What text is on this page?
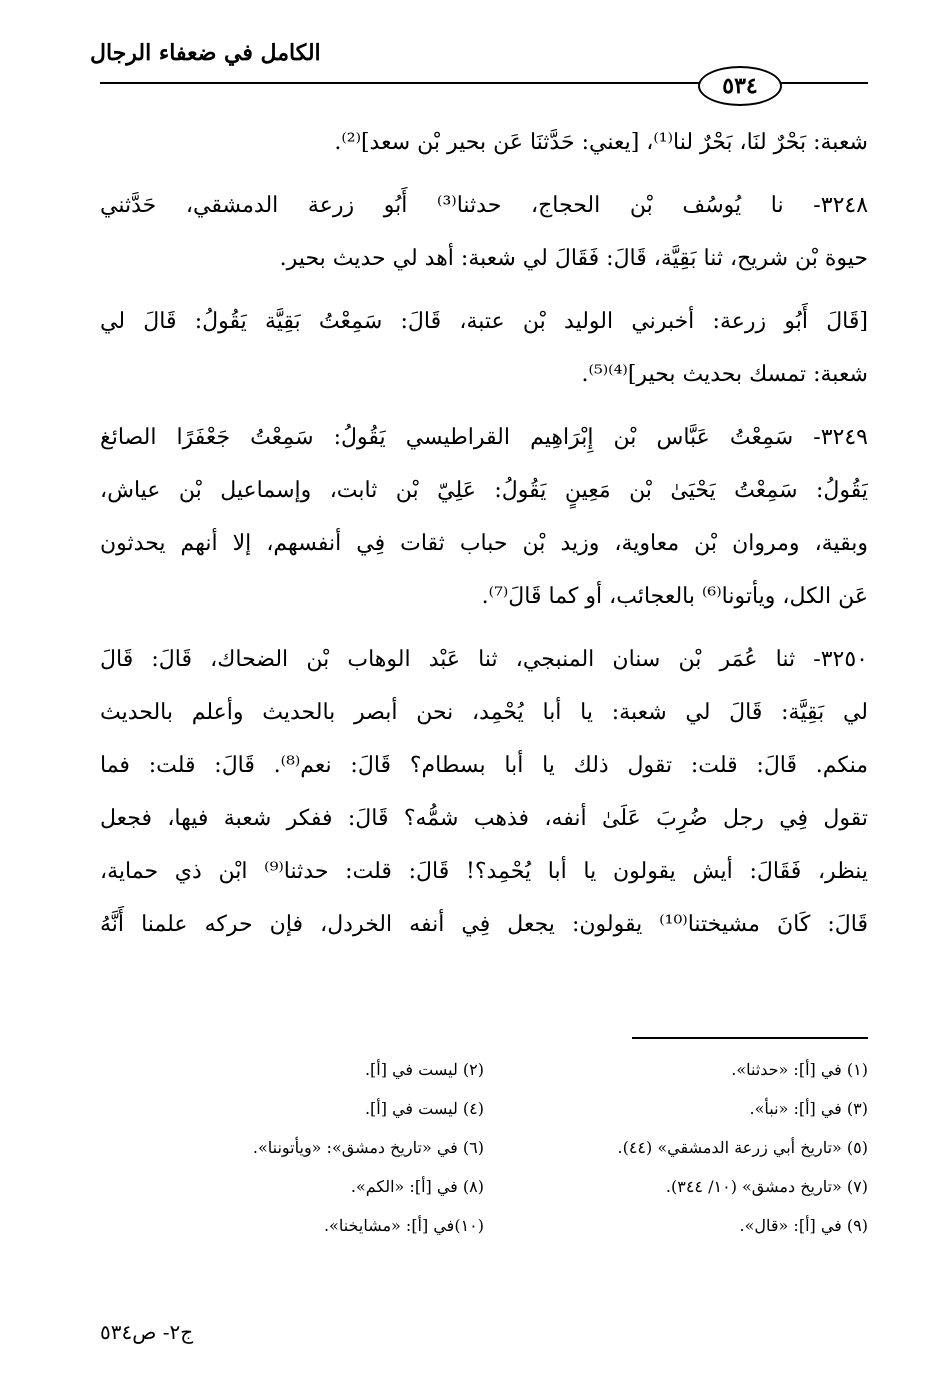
الكامل في ضعفاء الرجال
٥٣٤
شعبة: بَحْرٌ لنَا، بَحْرٌ لنا⁽¹⁾، [يعني: حَدَّثنَا عَن بحير بْن سعد]⁽²⁾.
٣٢٤٨- نا يُوسُف بْن الحجاج، حدثنا⁽³⁾ أَبُو زرعة الدمشقي، حَدَّثني
حيوة بْن شريح، ثنا بَقِيَّة، قَالَ: فَقَالَ لي شعبة: أهد لي حديث بحير.
[قَالَ أَبُو زرعة: أخبرني الوليد بْن عتبة، قَالَ: سَمِعْتُ بَقِيَّة يَقُولُ: قَالَ لي
شعبة: تمسك بحديث بحير]⁽⁴⁾⁽⁵⁾.
٣٢٤٩- سَمِعْتُ عَبَّاس بْن إِبْرَاهِيم القراطيسي يَقُولُ: سَمِعْتُ جَعْفَرًا الصائغ
يَقُولُ: سَمِعْتُ يَحْيَىٰ بْن مَعِينٍ يَقُولُ: عَلِيّ بْن ثابت، وإسماعيل بْن عياش،
وبقية، ومروان بْن معاوية، وزيد بْن حباب ثقات فِي أنفسهم، إلا أنهم يحدثون
عَن الكل، ويأتونا⁽⁶⁾ بالعجائب، أو كما قَالَ⁽⁷⁾.
٣٢٥٠- ثنا عُمَر بْن سنان المنبجي، ثنا عَبْد الوهاب بْن الضحاك، قَالَ: قَالَ
لي بَقِيَّة: قَالَ لي شعبة: يا أبا يُحْمِد، نحن أبصر بالحديث وأعلم بالحديث
منكم. قَالَ: قلت: تقول ذلك يا أبا بسطام؟ قَالَ: نعم⁽⁸⁾. قَالَ: قلت: فما
تقول فِي رجل ضُرِبَ عَلَىٰ أنفه، فذهب شمُّه؟ قَالَ: ففكر شعبة فيها، فجعل
ينظر، فَقَالَ: أيش يقولون يا أبا يُحْمِد؟! قَالَ: قلت: حدثنا⁽⁹⁾ ابْن ذي حماية،
قَالَ: كَانَ مشيختنا⁽¹⁰⁾ يقولون: يجعل فِي أنفه الخردل، فإن حركه علمنا أَنَّهُ
(١) في [أ]: «حدثنا».
(٢) ليست في [أ].
(٣) في [أ]: «نبأ».
(٤) ليست في [أ].
(٥) «تاريخ أبي زرعة الدمشقي» (٤٤).
(٦) في «تاريخ دمشق»: «ويأتوننا».
(٧) «تاريخ دمشق» (١٠/ ٣٤٤).
(٨) في [أ]: «الكم».
(٩) في [أ]: «قال».
(١٠)في [أ]: «مشايخنا».
ج٢- ص٥٣٤
